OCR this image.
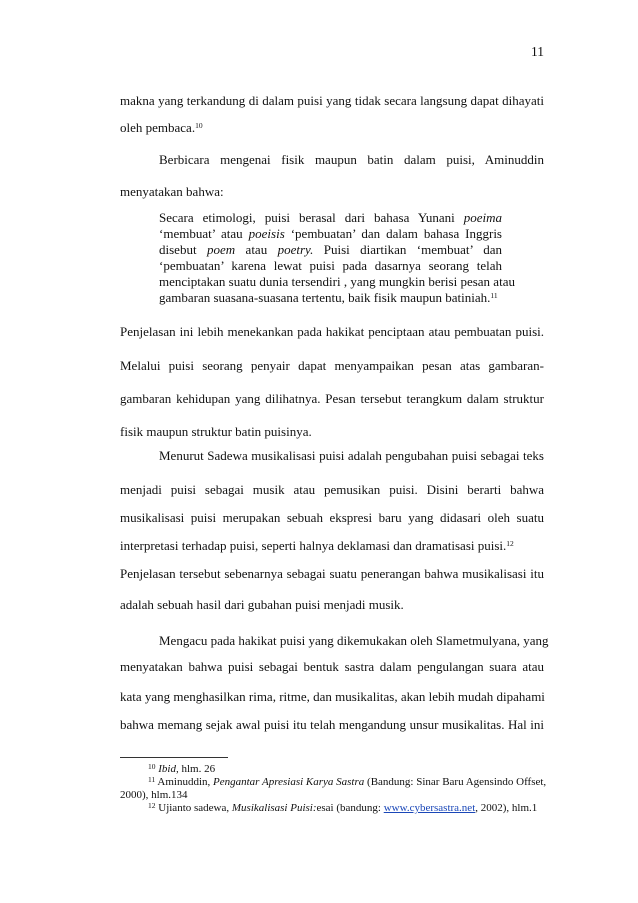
11
makna yang terkandung di dalam puisi yang tidak secara langsung dapat dihayati
oleh pembaca.$^{10}$
Berbicara mengenai fisik maupun batin dalam puisi, Aminuddin
menyatakan bahwa:
Secara etimologi, puisi berasal dari bahasa Yunani poeima
‘membuat’ atau poeisis ‘pembuatan’ dan dalam bahasa Inggris
disebut poem atau poetry. Puisi diartikan ‘membuat’ dan
‘pembuatan’ karena lewat puisi pada dasarnya seorang telah
menciptakan suatu dunia tersendiri , yang mungkin berisi pesan atau
gambaran suasana-suasana tertentu, baik fisik maupun batiniah.$^{11}$
Penjelasan ini lebih menekankan pada hakikat penciptaan atau pembuatan puisi.
Melalui puisi seorang penyair dapat menyampaikan pesan atas gambaran-
gambaran kehidupan yang dilihatnya. Pesan tersebut terangkum dalam struktur
fisik maupun struktur batin puisinya.
Menurut Sadewa musikalisasi puisi adalah pengubahan puisi sebagai teks
menjadi puisi sebagai musik atau pemusikan puisi. Disini berarti bahwa
musikalisasi puisi merupakan sebuah ekspresi baru yang didasari oleh suatu
interpretasi terhadap puisi, seperti halnya deklamasi dan dramatisasi puisi.$^{12}$
Penjelasan tersebut sebenarnya sebagai suatu penerangan bahwa musikalisasi itu
adalah sebuah hasil dari gubahan puisi menjadi musik.
Mengacu pada hakikat puisi yang dikemukakan oleh Slametmulyana, yang
menyatakan bahwa puisi sebagai bentuk sastra dalam pengulangan suara atau
kata yang menghasilkan rima, ritme, dan musikalitas, akan lebih mudah dipahami
bahwa memang sejak awal puisi itu telah mengandung unsur musikalitas. Hal ini
$^{10}$ Ibid, hlm. 26
$^{11}$ Aminuddin, Pengantar Apresiasi Karya Sastra (Bandung: Sinar Baru Agensindo Offset,
2000), hlm.134
$^{12}$ Ujianto sadewa, Musikalisasi Puisi:esai (bandung: www.cybersastra.net, 2002), hlm.1
